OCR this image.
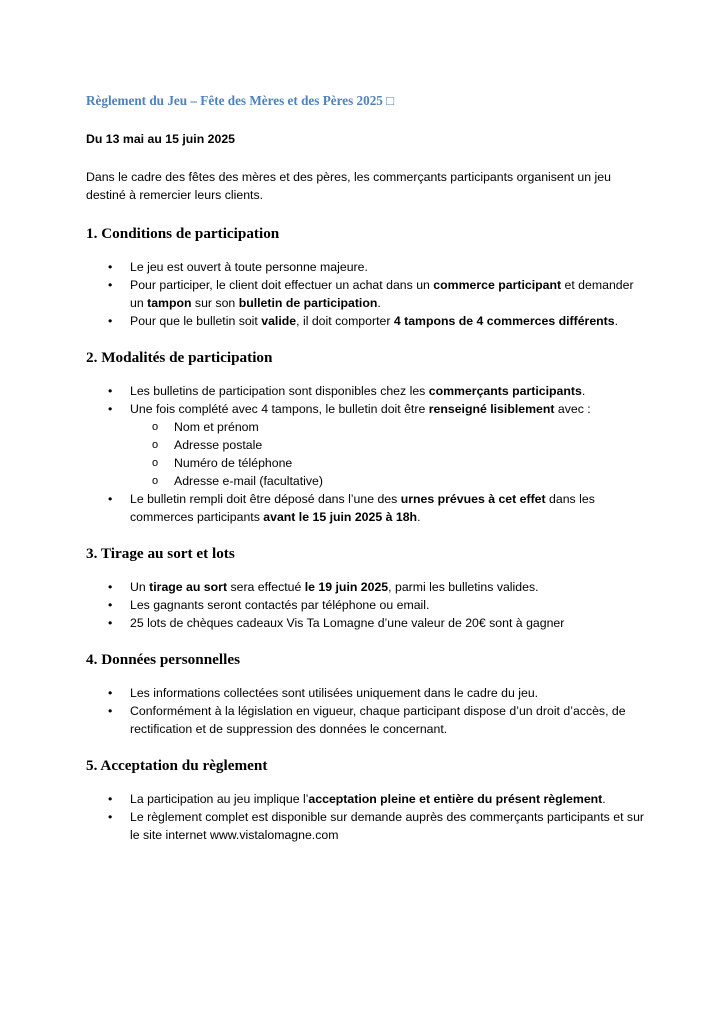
Règlement du Jeu – Fête des Mères et des Pères 2025 □

Du 13 mai au 15 juin 2025

Dans le cadre des fêtes des mères et des pères, les commerçants participants organisent un jeu destiné à remercier leurs clients.

1. Conditions de participation
• Le jeu est ouvert à toute personne majeure.
• Pour participer, le client doit effectuer un achat dans un commerce participant et demander un tampon sur son bulletin de participation.
• Pour que le bulletin soit valide, il doit comporter 4 tampons de 4 commerces différents.
2. Modalités de participation
• Les bulletins de participation sont disponibles chez les commerçants participants.
• Une fois complété avec 4 tampons, le bulletin doit être renseigné lisiblement avec :
o Nom et prénom
o Adresse postale
o Numéro de téléphone
o Adresse e-mail (facultative)
• Le bulletin rempli doit être déposé dans l’une des urnes prévues à cet effet dans les commerces participants avant le 15 juin 2025 à 18h.
3. Tirage au sort et lots
• Un tirage au sort sera effectué le 19 juin 2025, parmi les bulletins valides.
• Les gagnants seront contactés par téléphone ou email.
• 25 lots de chèques cadeaux Vis Ta Lomagne d’une valeur de 20€ sont à gagner
4. Données personnelles
• Les informations collectées sont utilisées uniquement dans le cadre du jeu.
• Conformément à la législation en vigueur, chaque participant dispose d’un droit d’accès, de rectification et de suppression des données le concernant.
5. Acceptation du règlement
• La participation au jeu implique l’acceptation pleine et entière du présent règlement.
• Le règlement complet est disponible sur demande auprès des commerçants participants et sur le site internet www.vistalomagne.com
